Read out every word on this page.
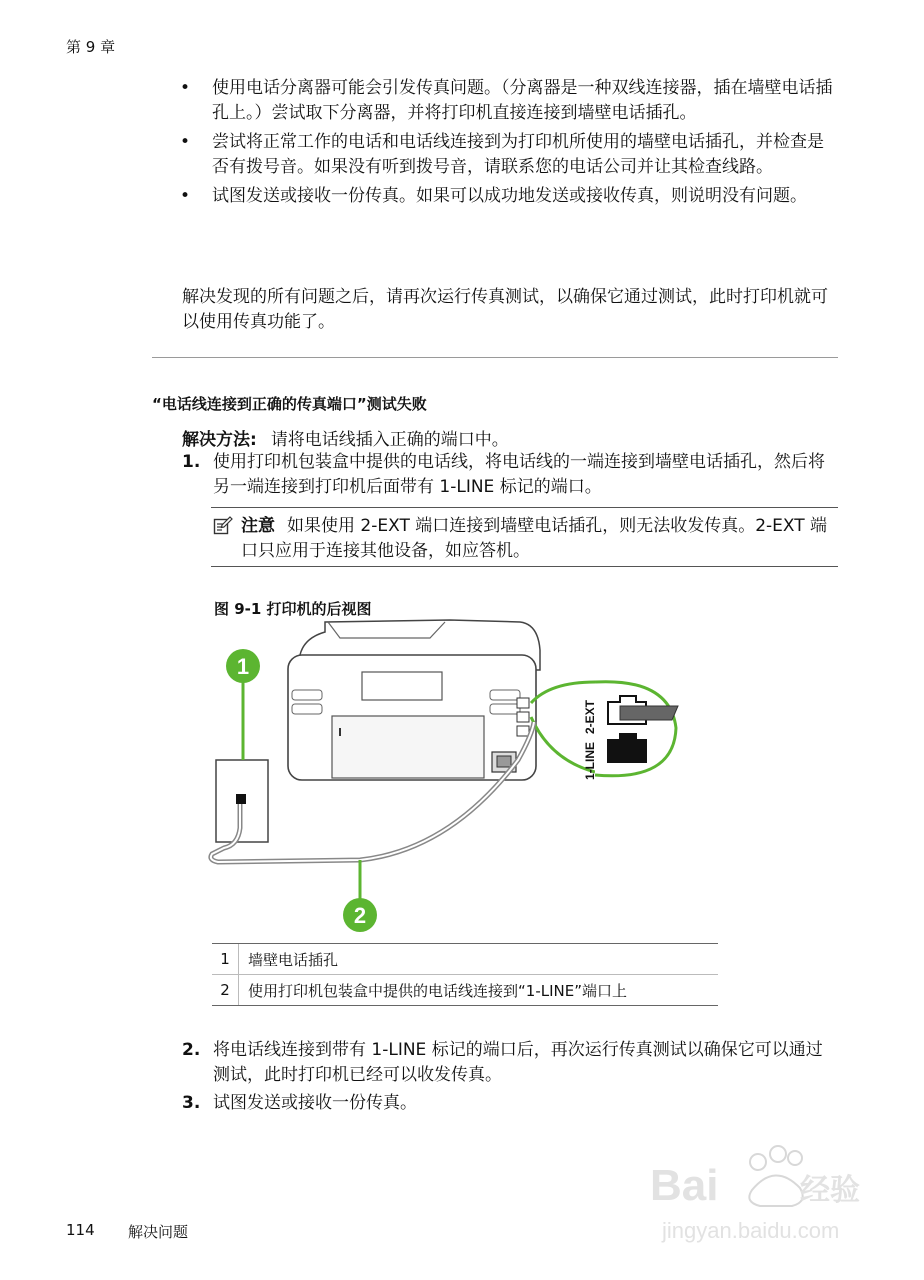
第 9 章
• 使用电话分离器可能会引发传真问题。（分离器是一种双线连接器，插在墙壁电话插孔上。）尝试取下分离器，并将打印机直接连接到墙壁电话插孔。
• 尝试将正常工作的电话和电话线连接到为打印机所使用的墙壁电话插孔，并检查是否有拨号音。如果没有听到拨号音，请联系您的电话公司并让其检查线路。
• 试图发送或接收一份传真。如果可以成功地发送或接收传真，则说明没有问题。
解决发现的所有问题之后，请再次运行传真测试，以确保它通过测试，此时打印机就可以使用传真功能了。
“电话线连接到正确的传真端口”测试失败
解决方法: 请将电话线插入正确的端口中。
1. 使用打印机包装盒中提供的电话线，将电话线的一端连接到墙壁电话插孔，然后将另一端连接到打印机后面带有 1-LINE 标记的端口。
注意 如果使用 2-EXT 端口连接到墙壁电话插孔，则无法收发传真。2-EXT 端口只应用于连接其他设备，如应答机。
图 9-1 打印机的后视图
2-EXT
1-LINE
1
2
1	墙壁电话插孔
2	使用打印机包装盒中提供的电话线连接到“1-LINE”端口上
2. 将电话线连接到带有 1-LINE 标记的端口后，再次运行传真测试以确保它可以通过测试，此时打印机已经可以收发传真。
3. 试图发送或接收一份传真。
114 解决问题
Bai	经验
jingyan.baidu.com
